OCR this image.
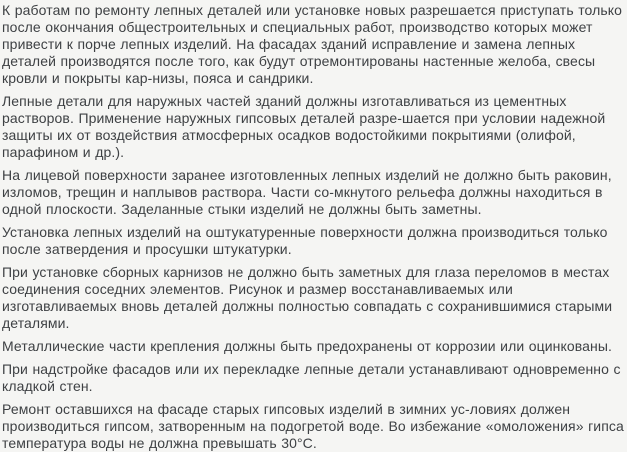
К работам по ремонту лепных деталей или установке новых разрешается приступать только после окончания общестроительных и специальных работ, производство которых может привести к порче лепных изделий. На фасадах зданий исправление и замена лепных деталей производятся после того, как будут отремонтированы настенные желоба, свесы кровли и покрыты кар-низы, пояса и сандрики.

Лепные детали для наружных частей зданий должны изготавливаться из цементных растворов. Применение наружных гипсовых деталей разре-шается при условии надежной защиты их от воздействия атмосферных осадков водостойкими покрытиями (олифой, парафином и др.).

На лицевой поверхности заранее изготовленных лепных изделий не должно быть раковин, изломов, трещин и наплывов раствора. Части со-мкнутого рельефа должны находиться в одной плоскости. Заделанные стыки изделий не должны быть заметны.

Установка лепных изделий на оштукатуренные поверхности должна производиться только после затвердения и просушки штукатурки.

При установке сборных карнизов не должно быть заметных для глаза переломов в местах соединения соседних элементов. Рисунок и размер восстанавливаемых или изготавливаемых вновь деталей должны полностью совпадать с сохранившимися старыми деталями.

Металлические части крепления должны быть предохранены от коррозии или оцинкованы.

При надстройке фасадов или их перекладке лепные детали устанавливают одновременно с кладкой стен.

Ремонт оставшихся на фасаде старых гипсовых изделий в зимних ус-ловиях должен производиться гипсом, затворенным на подогретой воде. Во избежание «омоложения» гипса температура воды не должна превышать 30°С.
